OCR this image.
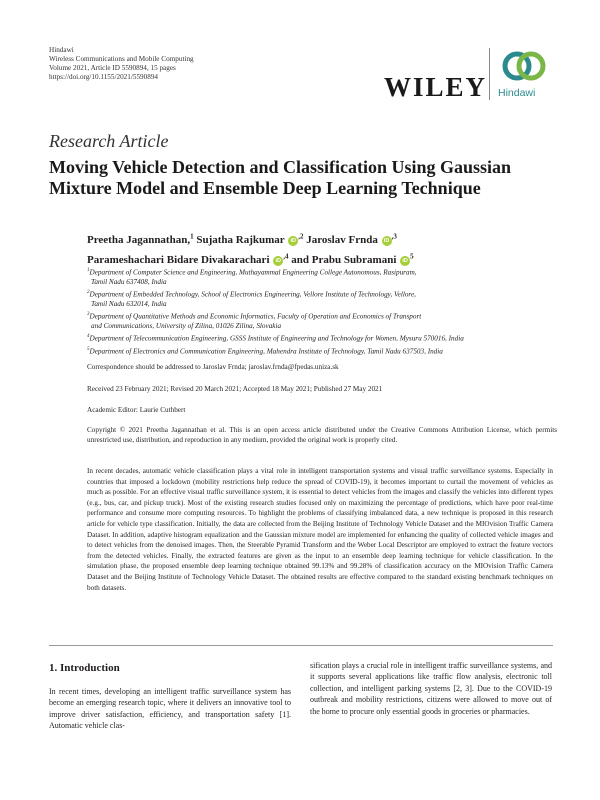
Hindawi
Wireless Communications and Mobile Computing
Volume 2021, Article ID 5590894, 15 pages
https://doi.org/10.1155/2021/5590894	WILEY Hindawi
Research Article
Moving Vehicle Detection and Classification Using Gaussian Mixture Model and Ensemble Deep Learning Technique
Preetha Jagannathan,$^1$ Sujatha Rajkumar $iD^{,2}$ Jaroslav Frnda $iD^{,3}$
Parameshachari Bidare Divakarachari $iD^{,4}$ and Prabu Subramani $iD^5$
$^1$Department of Computer Science and Engineering, Muthayammal Engineering College Autonomous, Rasipuram,
Tamil Nadu 637408, India
$^2$Department of Embedded Technology, School of Electronics Engineering, Vellore Institute of Technology, Vellore,
Tamil Nadu 632014, India
$^3$Department of Quantitative Methods and Economic Informatics, Faculty of Operation and Economics of Transport
and Communications, University of Zilina, 01026 Zilina, Slovakia
$^4$Department of Telecommunication Engineering, GSSS Institute of Engineering and Technology for Women, Mysuru 570016, India
$^5$Department of Electronics and Communication Engineering, Mahendra Institute of Technology, Tamil Nadu 637503, India
Correspondence should be addressed to Jaroslav Frnda; jaroslav.frnda@fpedas.uniza.sk
Received 23 February 2021; Revised 20 March 2021; Accepted 18 May 2021; Published 27 May 2021
Academic Editor: Laurie Cuthbert
Copyright © 2021 Preetha Jagannathan et al. This is an open access article distributed under the Creative Commons Attribution License, which permits unrestricted use, distribution, and reproduction in any medium, provided the original work is properly cited.
In recent decades, automatic vehicle classification plays a vital role in intelligent transportation systems and visual traffic surveillance systems. Especially in countries that imposed a lockdown (mobility restrictions help reduce the spread of COVID-19), it becomes important to curtail the movement of vehicles as much as possible. For an effective visual traffic surveillance system, it is essential to detect vehicles from the images and classify the vehicles into different types (e.g., bus, car, and pickup truck). Most of the existing research studies focused only on maximizing the percentage of predictions, which have poor real-time performance and consume more computing resources. To highlight the problems of classifying imbalanced data, a new technique is proposed in this research article for vehicle type classification. Initially, the data are collected from the Beijing Institute of Technology Vehicle Dataset and the MIOvision Traffic Camera Dataset. In addition, adaptive histogram equalization and the Gaussian mixture model are implemented for enhancing the quality of collected vehicle images and to detect vehicles from the denoised images. Then, the Steerable Pyramid Transform and the Weber Local Descriptor are employed to extract the feature vectors from the detected vehicles. Finally, the extracted features are given as the input to an ensemble deep learning technique for vehicle classification. In the simulation phase, the proposed ensemble deep learning technique obtained 99.13% and 99.28% of classification accuracy on the MIOvision Traffic Camera Dataset and the Beijing Institute of Technology Vehicle Dataset. The obtained results are effective compared to the standard existing benchmark techniques on both datasets.
1. Introduction
In recent times, developing an intelligent traffic surveillance system has become an emerging research topic, where it delivers an innovative tool to improve driver satisfaction, efficiency, and transportation safety [1]. Automatic vehicle clas-
sification plays a crucial role in intelligent traffic surveillance systems, and it supports several applications like traffic flow analysis, electronic toll collection, and intelligent parking systems [2, 3]. Due to the COVID-19 outbreak and mobility restrictions, citizens were allowed to move out of the home to procure only essential goods in groceries or pharmacies.
